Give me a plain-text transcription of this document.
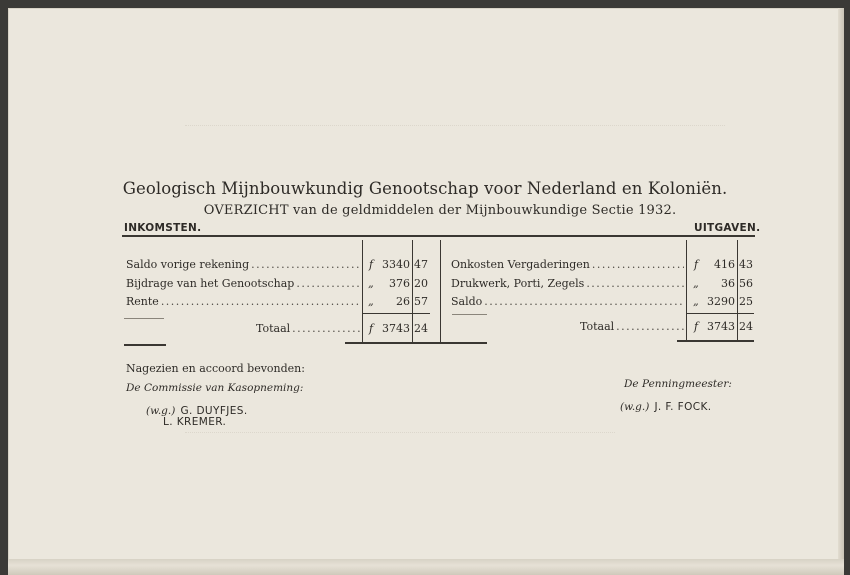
Geologisch Mijnbouwkundig Genootschap voor Nederland en Koloniën.
OVERZICHT van de geldmiddelen der Mijnbouwkundige Sectie 1932.
INKOMSTEN.	UITGAVEN.
Saldo vorige rekening .....	f 3340 47
Bijdrage van het Genootschap .....	„	376 20
Rente .....	„	26 57
Totaal .....	f 3743 24
Onkosten Vergaderingen .....	f	416 43
Drukwerk, Porti, Zegels .....	„	36 56
Saldo .....	„ 3290 25
Totaal .....	f 3743 24
Nagezien en accoord bevonden:
De Commissie van Kasopneming:
(w.g.) G. DUYFJES.
L. KREMER.
De Penningmeester:
(w.g.) J. F. FOCK.
